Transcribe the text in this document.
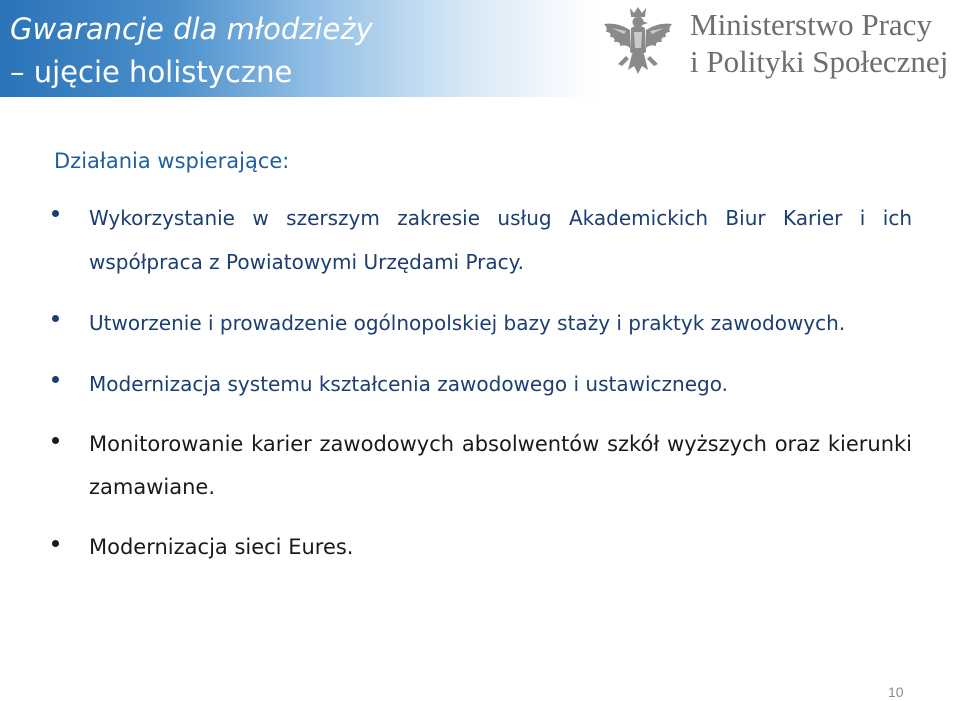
Gwarancje dla młodzieży
– ujęcie holistyczne
Ministerstwo Pracy
i Polityki Społecznej
Działania wspierające:
Wykorzystanie w szerszym zakresie usług Akademickich Biur Karier i ich współpraca z Powiatowymi Urzędami Pracy.
Utworzenie i prowadzenie ogólnopolskiej bazy staży i praktyk zawodowych.
Modernizacja systemu kształcenia zawodowego i ustawicznego.
Monitorowanie karier zawodowych absolwentów szkół wyższych oraz kierunki zamawiane.
Modernizacja sieci Eures.
10
